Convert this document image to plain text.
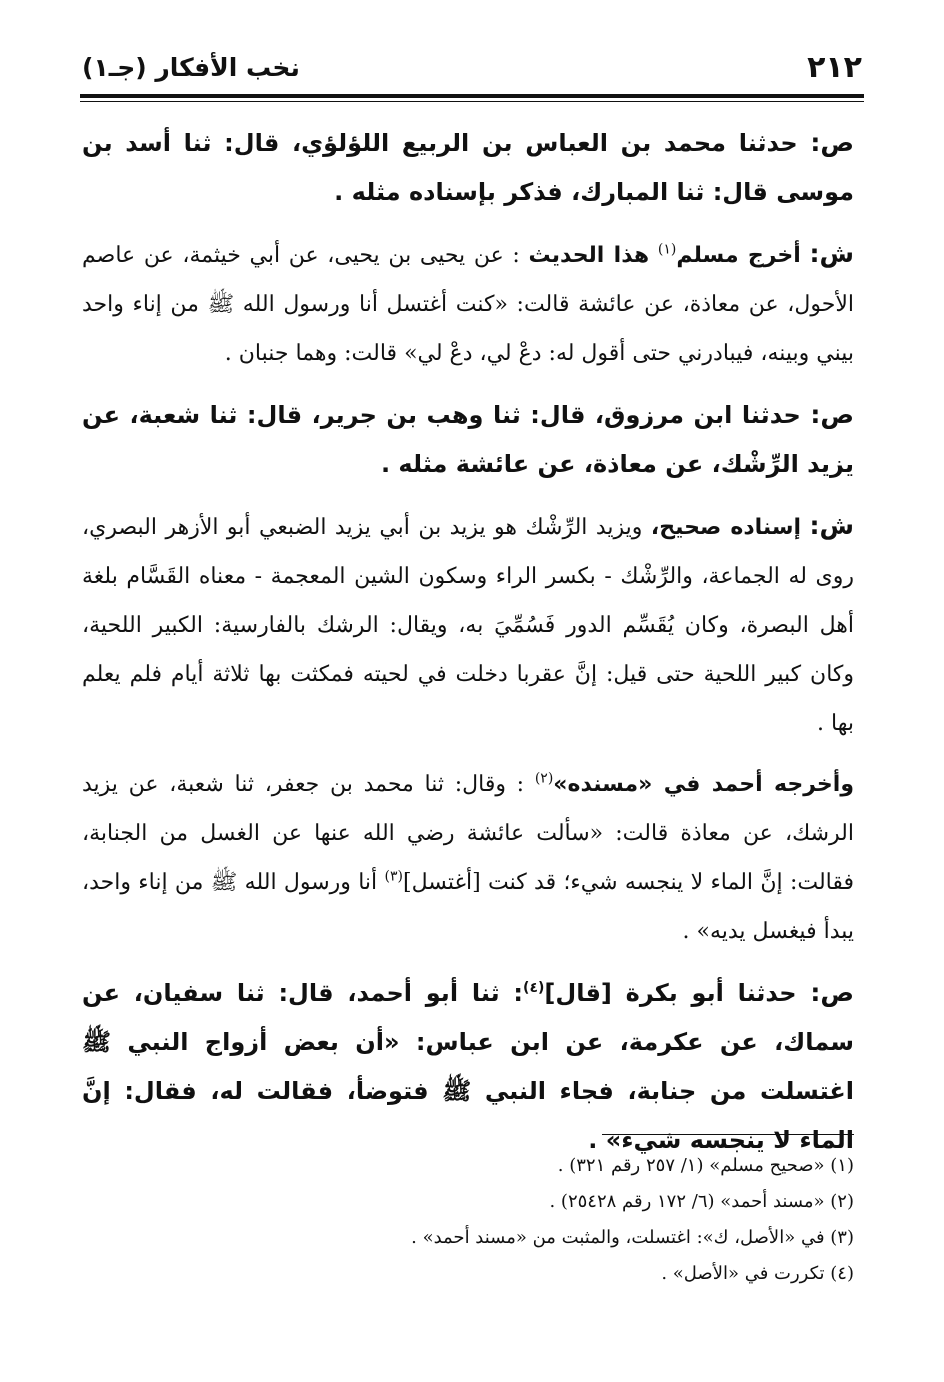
٢١٢
نخب الأفكار (جـ١)

ص: حدثنا محمد بن العباس بن الربيع اللؤلؤي، قال: ثنا أسد بن موسى قال: ثنا المبارك، فذكر بإسناده مثله .

ش: أخرج مسلم$^{(١)}$ هذا الحديث : عن يحيى بن يحيى، عن أبي خيثمة، عن عاصم الأحول، عن معاذة، عن عائشة قالت: «كنت أغتسل أنا ورسول الله ﷺ من إناء واحد بيني وبينه، فيبادرني حتى أقول له: دعْ لي، دعْ لي» قالت: وهما جنبان .

ص: حدثنا ابن مرزوق، قال: ثنا وهب بن جرير، قال: ثنا شعبة، عن يزيد الرِّشْك، عن معاذة، عن عائشة مثله .

ش: إسناده صحيح، ويزيد الرِّشْك هو يزيد بن أبي يزيد الضبعي أبو الأزهر البصري، روى له الجماعة، والرِّشْك - بكسر الراء وسكون الشين المعجمة - معناه القَسَّام بلغة أهل البصرة، وكان يُقَسِّم الدور فَسُمِّيَ به، ويقال: الرشك بالفارسية: الكبير اللحية، وكان كبير اللحية حتى قيل: إنَّ عقربا دخلت في لحيته فمكثت بها ثلاثة أيام فلم يعلم بها .

وأخرجه أحمد في «مسنده»$^{(٢)}$ : وقال: ثنا محمد بن جعفر، ثنا شعبة، عن يزيد الرشك، عن معاذة قالت: «سألت عائشة رضي الله عنها عن الغسل من الجنابة، فقالت: إنَّ الماء لا ينجسه شيء؛ قد كنت [أغتسل]$^{(٣)}$ أنا ورسول الله ﷺ من إناء واحد، يبدأ فيغسل يديه» .

ص: حدثنا أبو بكرة [قال]$^{(٤)}$: ثنا أبو أحمد، قال: ثنا سفيان، عن سماك، عن عكرمة، عن ابن عباس: «أن بعض أزواج النبي ﷺ اغتسلت من جنابة، فجاء النبي ﷺ فتوضأ، فقالت له، فقال: إنَّ الماء لا ينجسه شيء» .

(١) «صحيح مسلم» (١/ ٢٥٧ رقم ٣٢١) .

(٢) «مسند أحمد» (٦/ ١٧٢ رقم ٢٥٤٢٨) .

(٣) في «الأصل، ك»: اغتسلت، والمثبت من «مسند أحمد» .

(٤) تكررت في «الأصل» .
